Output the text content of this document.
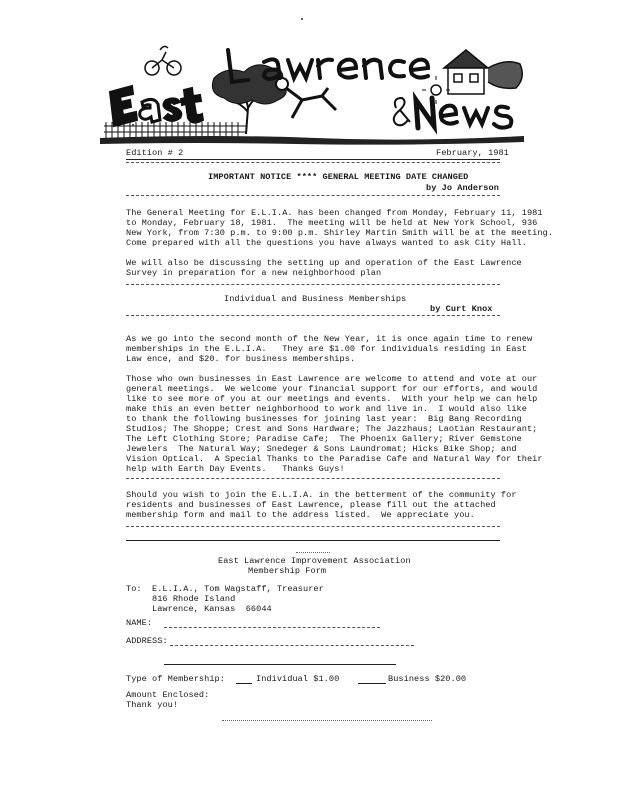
Edition # 2	February, 1981
IMPORTANT NOTICE **** GENERAL MEETING DATE CHANGED
by Jo Anderson
The General Meeting for E.L.I.A. has been changed from Monday, February 11, 1981
to Monday, February 18, 1981.  The meeting will be held at New York School, 936
New York, from 7:30 p.m. to 9:00 p.m. Shirley Martin Smith will be at the meeting.
Come prepared with all the questions you have always wanted to ask City Hall.
We will also be discussing the setting up and operation of the East Lawrence
Survey in preparation for a new neighborhood plan
Individual and Business Memberships
by Curt Knox
As we go into the second month of the New Year, it is once again time to renew
memberships in the E.L.I.A.   They are $1.00 for individuals residing in East
Law ence, and $20. for business memberships.
Those who own businesses in East Lawrence are welcome to attend and vote at our
general meetings.  We welcome your financial support for our efforts, and would
like to see more of you at our meetings and events.  With your help we can help
make this an even better neighborhood to work and live in.  I would also like
to thank the following businesses for joining last year:  Big Bang Recording
Studios; The Shoppe; Crest and Sons Hardware; The Jazzhaus; Laotian Restaurant;
The Left Clothing Store; Paradise Cafe;  The Phoenix Gallery; River Gemstone
Jewelers  The Natural Way; Snedeger & Sons Laundromat; Hicks Bike Shop; and
Vision Optical.  A Special Thanks to the Paradise Cafe and Natural Way for their
help with Earth Day Events.   Thanks Guys!
Should you wish to join the E.L.I.A. in the betterment of the community for
residents and businesses of East Lawrence, please fill out the attached
membership form and mail to the address listed.  We appreciate you.
East Lawrence Improvement Association
Membership Form
To: E.L.I.A., Tom Wagstaff, Treasurer
816 Rhode Island
Lawrence, Kansas  66044
NAME:
ADDRESS:
Type of Membership:	Individual $1.00	Business $20.00
Amount Enclosed:
Thank you!
